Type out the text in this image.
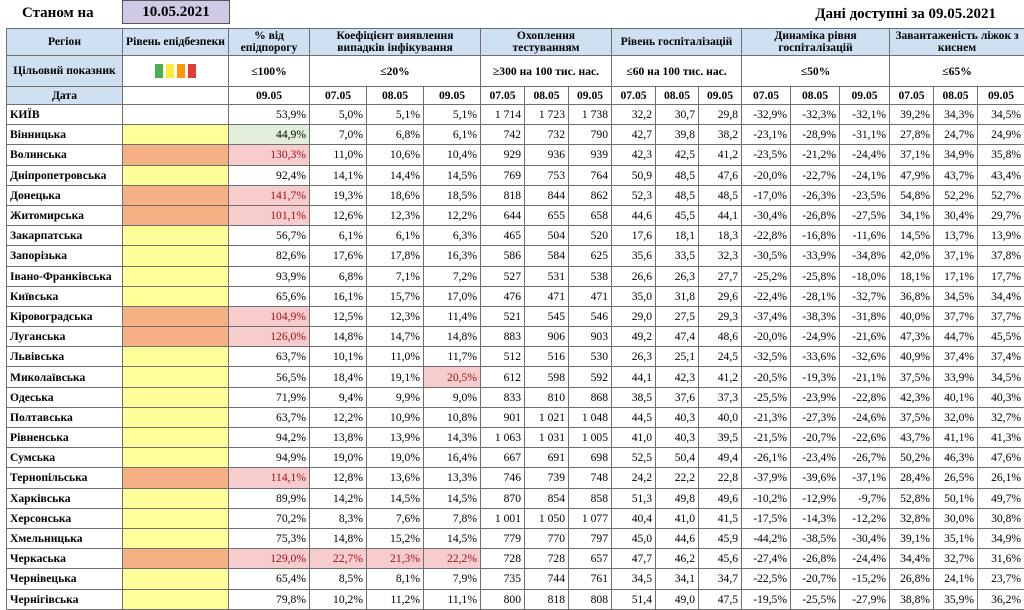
Станом на	10.05.2021	Дані доступні за 09.05.2021
Регіон	Рівень епідбезпеки	% від епідпорогу	Коефіцієнт виявлення випадків інфікування			Охоплення тестуванням			Рівень госпіталізацій			Динаміка рівня госпіталізацій			Завантаженість ліжок з киснем		
Цільовий показник		≤100%	≤20%			≥300 на 100 тис. нас.			≤60 на 100 тис. нас.			≤50%			≤65%		
Дата		09.05	07.05	08.05	09.05	07.05	08.05	09.05	07.05	08.05	09.05	07.05	08.05	09.05	07.05	08.05	09.05
КИЇВ		53,9%	5,0%	5,1%	5,1%	1 714	1 723	1 738	32,2	30,7	29,8	-32,9%	-32,3%	-32,1%	39,2%	34,3%	34,5%
Вінницька		44,9%	7,0%	6,8%	6,1%	742	732	790	42,7	39,8	38,2	-23,1%	-28,9%	-31,1%	27,8%	24,7%	24,9%
Волинська		130,3%	11,0%	10,6%	10,4%	929	936	939	42,3	42,5	41,2	-23,5%	-21,2%	-24,4%	37,1%	34,9%	35,8%
Дніпропетровська		92,4%	14,1%	14,4%	14,5%	769	753	764	50,9	48,5	47,6	-20,0%	-22,7%	-24,1%	47,9%	43,7%	43,4%
Донецька		141,7%	19,3%	18,6%	18,5%	818	844	862	52,3	48,5	48,5	-17,0%	-26,3%	-23,5%	54,8%	52,2%	52,7%
Житомирська		101,1%	12,6%	12,3%	12,2%	644	655	658	44,6	45,5	44,1	-30,4%	-26,8%	-27,5%	34,1%	30,4%	29,7%
Закарпатська		56,7%	6,1%	6,1%	6,3%	465	504	520	17,6	18,1	18,3	-22,8%	-16,8%	-11,6%	14,5%	13,7%	13,9%
Запорізька		82,6%	17,6%	17,8%	16,3%	586	584	625	35,6	33,5	32,3	-30,5%	-33,9%	-34,8%	42,0%	37,1%	37,8%
Івано-Франківська		93,9%	6,8%	7,1%	7,2%	527	531	538	26,6	26,3	27,7	-25,2%	-25,8%	-18,0%	18,1%	17,1%	17,7%
Київська		65,6%	16,1%	15,7%	17,0%	476	471	471	35,0	31,8	29,6	-22,4%	-28,1%	-32,7%	36,8%	34,5%	34,4%
Кіровоградська		104,9%	12,5%	12,3%	11,4%	521	545	546	29,0	27,5	29,3	-37,4%	-38,3%	-31,8%	40,0%	37,7%	37,7%
Луганська		126,0%	14,8%	14,7%	14,8%	883	906	903	49,2	47,4	48,6	-20,0%	-24,9%	-21,6%	47,3%	44,7%	45,5%
Львівська		63,7%	10,1%	11,0%	11,7%	512	516	530	26,3	25,1	24,5	-32,5%	-33,6%	-32,6%	40,9%	37,4%	37,4%
Миколаївська		56,5%	18,4%	19,1%	20,5%	612	598	592	44,1	42,3	41,2	-20,5%	-19,3%	-21,1%	37,5%	33,9%	34,5%
Одеська		71,9%	9,4%	9,9%	9,0%	833	810	868	38,5	37,6	37,3	-25,5%	-23,9%	-22,8%	42,3%	40,1%	40,3%
Полтавська		63,7%	12,2%	10,9%	10,8%	901	1 021	1 048	44,5	40,3	40,0	-21,3%	-27,3%	-24,6%	37,5%	32,0%	32,7%
Рівненська		94,2%	13,8%	13,9%	14,3%	1 063	1 031	1 005	41,0	40,3	39,5	-21,5%	-20,7%	-22,6%	43,7%	41,1%	41,3%
Сумська		94,9%	19,0%	19,0%	16,4%	667	691	698	52,5	50,4	49,4	-26,1%	-23,4%	-26,7%	50,2%	46,3%	47,6%
Тернопільська		114,1%	12,8%	13,6%	13,3%	746	739	748	24,2	22,2	22,8	-37,9%	-39,6%	-37,1%	28,4%	26,5%	26,1%
Харківська		89,9%	14,2%	14,5%	14,5%	870	854	858	51,3	49,8	49,6	-10,2%	-12,9%	-9,7%	52,8%	50,1%	49,7%
Херсонська		70,2%	8,3%	7,6%	7,8%	1 001	1 050	1 077	40,4	41,0	41,5	-17,5%	-14,3%	-12,2%	32,8%	30,0%	30,8%
Хмельницька		75,3%	14,8%	15,2%	14,5%	779	770	797	45,0	44,6	45,9	-44,2%	-38,5%	-30,4%	39,1%	35,1%	34,9%
Черкаська		129,0%	22,7%	21,3%	22,2%	728	728	657	47,7	46,2	45,6	-27,4%	-26,8%	-24,4%	34,4%	32,7%	31,6%
Чернівецька		65,4%	8,5%	8,1%	7,9%	735	744	761	34,5	34,1	34,7	-22,5%	-20,7%	-15,2%	26,8%	24,1%	23,7%
Чернігівська		79,8%	10,2%	11,2%	11,1%	800	818	808	51,4	49,0	47,5	-19,5%	-25,5%	-27,9%	38,8%	35,9%	36,2%
